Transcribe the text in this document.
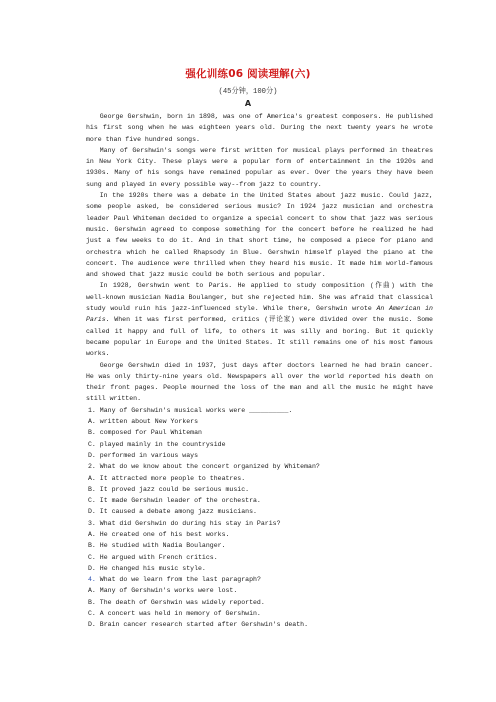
强化训练06 阅读理解(六)
(45分钟，100分)
A

George Gershwin, born in 1898, was one of America's greatest composers. He published his first song when he was eighteen years old. During the next twenty years he wrote more than five hundred songs.

Many of Gershwin's songs were first written for musical plays performed in theatres in New York City. These plays were a popular form of entertainment in the 1920s and 1930s. Many of his songs have remained popular as ever. Over the years they have been sung and played in every possible way--from jazz to country.

In the 1920s there was a debate in the United States about jazz music. Could jazz, some people asked, be considered serious music? In 1924 jazz musician and orchestra leader Paul Whiteman decided to organize a special concert to show that jazz was serious music. Gershwin agreed to compose something for the concert before he realized he had just a few weeks to do it. And in that short time, he composed a piece for piano and orchestra which he called Rhapsody in Blue. Gershwin himself played the piano at the concert. The audience were thrilled when they heard his music. It made him world-famous and showed that jazz music could be both serious and popular.

In 1928, Gershwin went to Paris. He applied to study composition (作曲) with the well-known musician Nadia Boulanger, but she rejected him. She was afraid that classical study would ruin his jazz-influenced style. While there, Gershwin wrote An American in Paris. When it was first performed, critics (评论家) were divided over the music. Some called it happy and full of life, to others it was silly and boring. But it quickly became popular in Europe and the United States. It still remains one of his most famous works.

George Gershwin died in 1937, just days after doctors learned he had brain cancer. He was only thirty-nine years old. Newspapers all over the world reported his death on their front pages. People mourned the loss of the man and all the music he might have still written.

1. Many of Gershwin's musical works were __________.

A. written about New Yorkers

B. composed for Paul Whiteman

C. played mainly in the countryside

D. performed in various ways

2. What do we know about the concert organized by Whiteman?

A. It attracted more people to theatres.

B. It proved jazz could be serious music.

C. It made Gershwin leader of the orchestra.

D. It caused a debate among jazz musicians.

3. What did Gershwin do during his stay in Paris?

A. He created one of his best works.

B. He studied with Nadia Boulanger.

C. He argued with French critics.

D. He changed his music style.

4. What do we learn from the last paragraph?

A. Many of Gershwin's works were lost.

B. The death of Gershwin was widely reported.

C. A concert was held in memory of Gershwin.

D. Brain cancer research started after Gershwin's death.
